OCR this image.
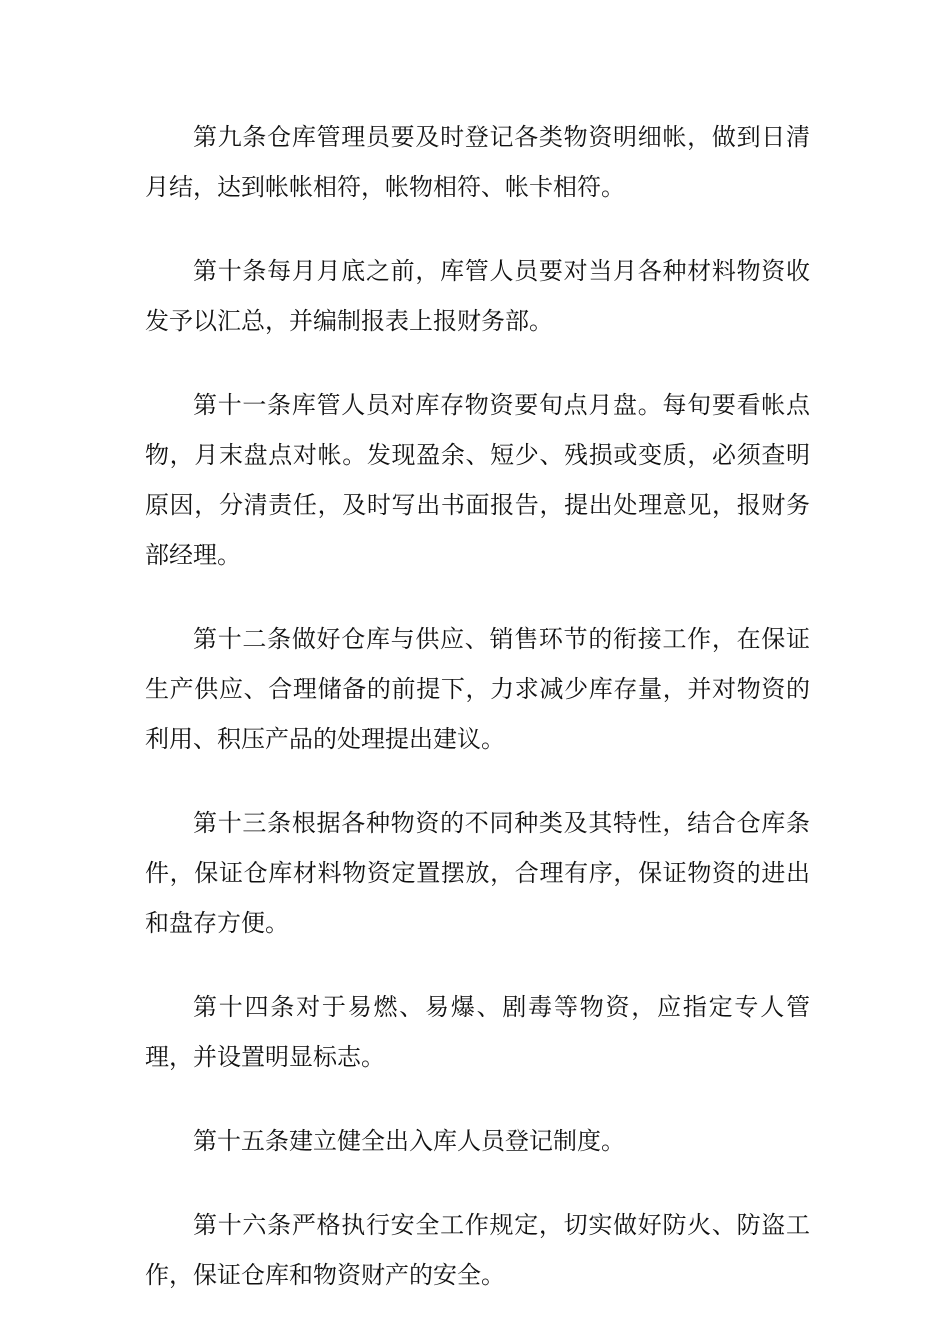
第九条仓库管理员要及时登记各类物资明细帐，做到日清月结，达到帐帐相符，帐物相符、帐卡相符。

第十条每月月底之前，库管人员要对当月各种材料物资收发予以汇总，并编制报表上报财务部。

第十一条库管人员对库存物资要旬点月盘。每旬要看帐点物，月末盘点对帐。发现盈余、短少、残损或变质，必须查明原因，分清责任，及时写出书面报告，提出处理意见，报财务部经理。

第十二条做好仓库与供应、销售环节的衔接工作，在保证生产供应、合理储备的前提下，力求减少库存量，并对物资的利用、积压产品的处理提出建议。

第十三条根据各种物资的不同种类及其特性，结合仓库条件，保证仓库材料物资定置摆放，合理有序，保证物资的进出和盘存方便。

第十四条对于易燃、易爆、剧毒等物资，应指定专人管理，并设置明显标志。

第十五条建立健全出入库人员登记制度。

第十六条严格执行安全工作规定，切实做好防火、防盗工作，保证仓库和物资财产的安全。
